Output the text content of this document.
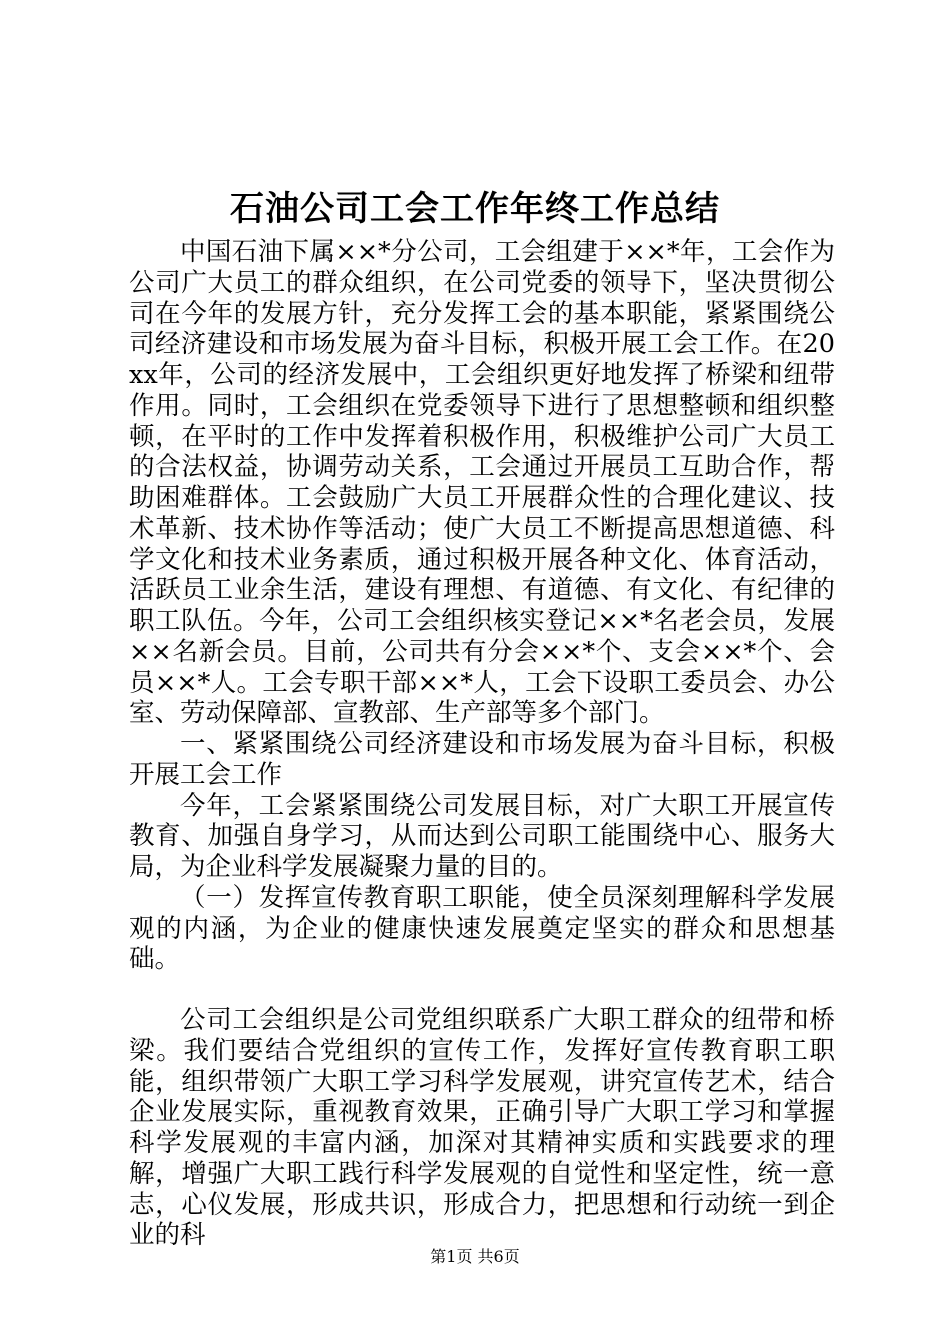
石油公司工会工作年终工作总结

中国石油下属××*分公司，工会组建于××*年，工会作为公司广大员工的群众组织，在公司党委的领导下，坚决贯彻公司在今年的发展方针，充分发挥工会的基本职能，紧紧围绕公司经济建设和市场发展为奋斗目标，积极开展工会工作。在20xx年，公司的经济发展中，工会组织更好地发挥了桥梁和纽带作用。同时，工会组织在党委领导下进行了思想整顿和组织整顿，在平时的工作中发挥着积极作用，积极维护公司广大员工的合法权益，协调劳动关系，工会通过开展员工互助合作，帮助困难群体。工会鼓励广大员工开展群众性的合理化建议、技术革新、技术协作等活动；使广大员工不断提高思想道德、科学文化和技术业务素质，通过积极开展各种文化、体育活动，活跃员工业余生活，建设有理想、有道德、有文化、有纪律的职工队伍。今年，公司工会组织核实登记××*名老会员，发展××名新会员。目前，公司共有分会××*个、支会××*个、会员××*人。工会专职干部××*人，工会下设职工委员会、办公室、劳动保障部、宣教部、生产部等多个部门。

一、紧紧围绕公司经济建设和市场发展为奋斗目标，积极开展工会工作

今年，工会紧紧围绕公司发展目标，对广大职工开展宣传教育、加强自身学习，从而达到公司职工能围绕中心、服务大局，为企业科学发展凝聚力量的目的。

（一）发挥宣传教育职工职能，使全员深刻理解科学发展观的内涵，为企业的健康快速发展奠定坚实的群众和思想基础。

公司工会组织是公司党组织联系广大职工群众的纽带和桥梁。我们要结合党组织的宣传工作，发挥好宣传教育职工职能，组织带领广大职工学习科学发展观，讲究宣传艺术，结合企业发展实际，重视教育效果，正确引导广大职工学习和掌握科学发展观的丰富内涵，加深对其精神实质和实践要求的理解，增强广大职工践行科学发展观的自觉性和坚定性，统一意志，心仪发展，形成共识，形成合力，把思想和行动统一到企业的科

第1页 共6页
